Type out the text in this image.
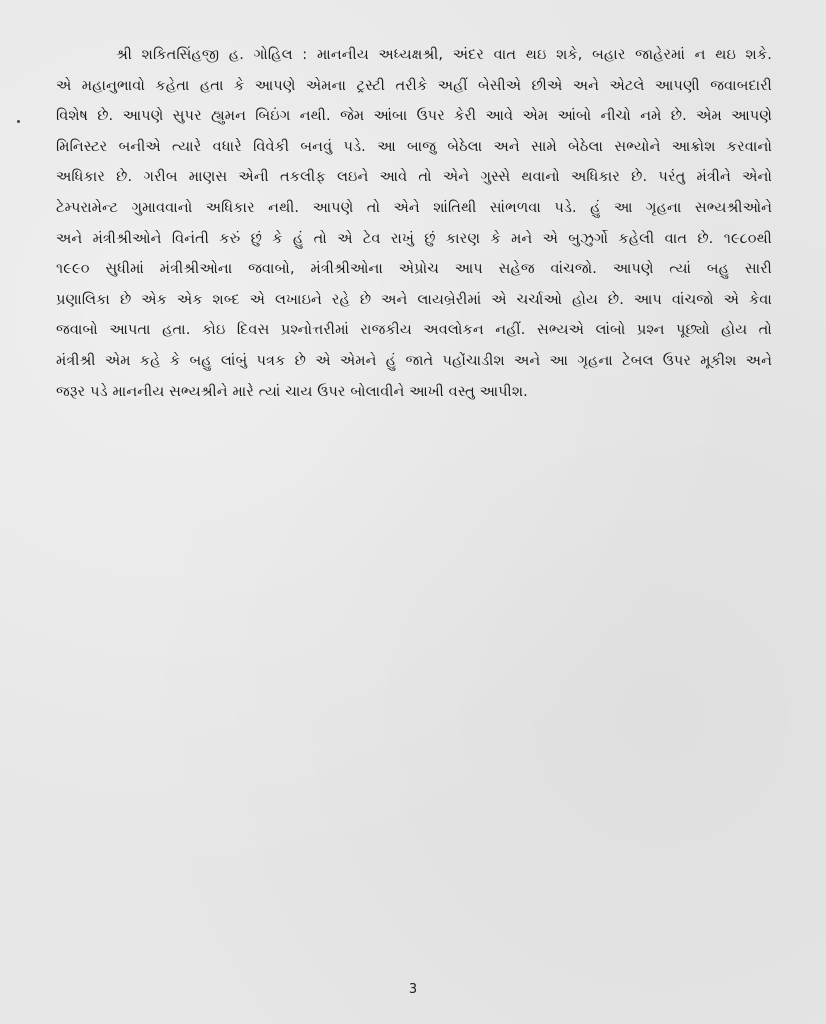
શ્રી શકિતસિંહજી હ. ગોહિલ : માનનીય અધ્યક્ષશ્રી, અંદર વાત થઇ શકે, બહાર જાહેરમાં ન થઇ શકે.
એ મહાનુભાવો કહેતા હતા કે આપણે એમના ટ્રસ્ટી તરીકે અહીં બેસીએ છીએ અને એટલે આપણી જવાબદારી
વિશેષ છે. આપણે સુપર હ્યુમન બિઇંગ નથી. જેમ આંબા ઉપર કેરી આવે એમ આંબો નીચો નમે છે. એમ આપણે
મિનિસ્ટર બનીએ ત્યારે વધારે વિવેકી બનવું પડે. આ બાજુ બેઠેલા અને સામે બેઠેલા સભ્યોને આક્રોશ કરવાનો
અધિકાર છે. ગરીબ માણસ એની તકલીફ લઇને આવે તો એને ગુસ્સે થવાનો અધિકાર છે. પરંતુ મંત્રીને એનો
ટેમ્પરામેન્ટ ગુમાવવાનો અધિકાર નથી. આપણે તો એને શાંતિથી સાંભળવા પડે. હું આ ગૃહના સભ્યશ્રીઓને
અને મંત્રીશ્રીઓને વિનંતી કરું છું કે હું તો એ ટેવ રાખું છું કારણ કે મને એ બુઝુર્ગો કહેલી વાત છે. ૧૯૮૦થી
૧૯૯૦ સુધીમાં મંત્રીશ્રીઓના જવાબો, મંત્રીશ્રીઓના એપ્રોચ આપ સહેજ વાંચજો. આપણે ત્યાં બહુ સારી
પ્રણાલિકા છે એક એક શબ્દ એ લખાઇને રહે છે અને લાયબ્રેરીમાં એ ચર્ચાઓ હોય છે. આપ વાંચજો એ કેવા
જવાબો આપતા હતા. કોઇ દિવસ પ્રશ્નોત્તરીમાં રાજકીય અવલોકન નહીં. સભ્યએ લાંબો પ્રશ્ન પૂછ્યો હોય તો
મંત્રીશ્રી એમ કહે કે બહુ લાંબું પત્રક છે એ એમને હું જાતે પહોંચાડીશ અને આ ગૃહના ટેબલ ઉપર મૂકીશ અને
જરૂર પડે માનનીય સભ્યશ્રીને મારે ત્યાં ચાય ઉપર બોલાવીને આખી વસ્તુ આપીશ.
3
